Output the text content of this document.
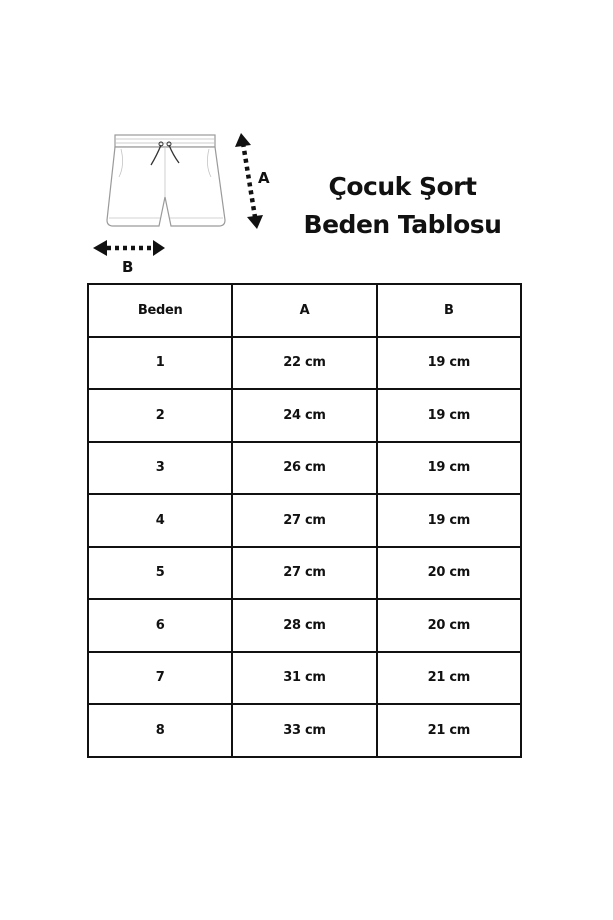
A
B
Çocuk Şort
Beden Tablosu
Beden	A	B
1	22 cm	19 cm
2	24 cm	19 cm
3	26 cm	19 cm
4	27 cm	19 cm
5	27 cm	20 cm
6	28 cm	20 cm
7	31 cm	21 cm
8	33 cm	21 cm
